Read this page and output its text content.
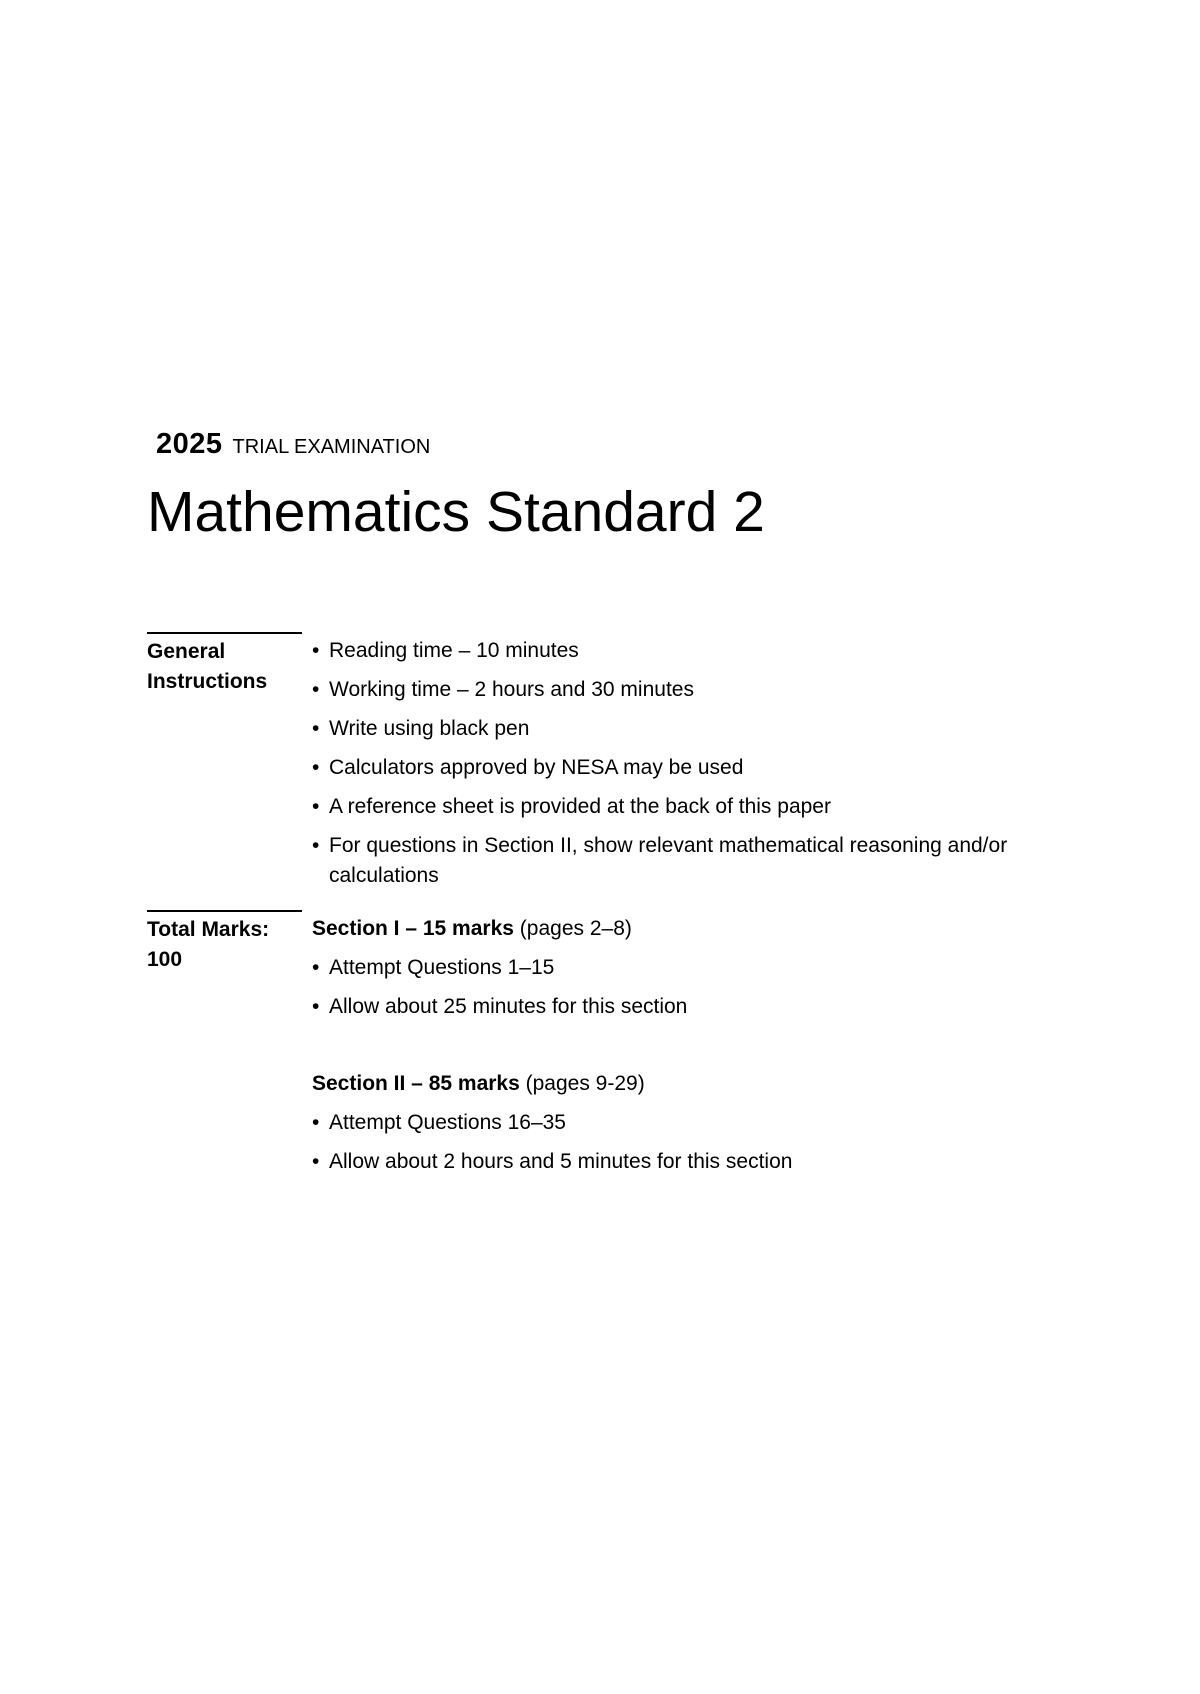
2025 TRIAL EXAMINATION
Mathematics Standard 2
General
Instructions
• Reading time – 10 minutes
• Working time – 2 hours and 30 minutes
• Write using black pen
• Calculators approved by NESA may be used
• A reference sheet is provided at the back of this paper
• For questions in Section II, show relevant mathematical reasoning and/or calculations
Total Marks:
100
Section I – 15 marks (pages 2–8)
• Attempt Questions 1–15
• Allow about 25 minutes for this section
Section II – 85 marks (pages 9-29)
• Attempt Questions 16–35
• Allow about 2 hours and 5 minutes for this section
